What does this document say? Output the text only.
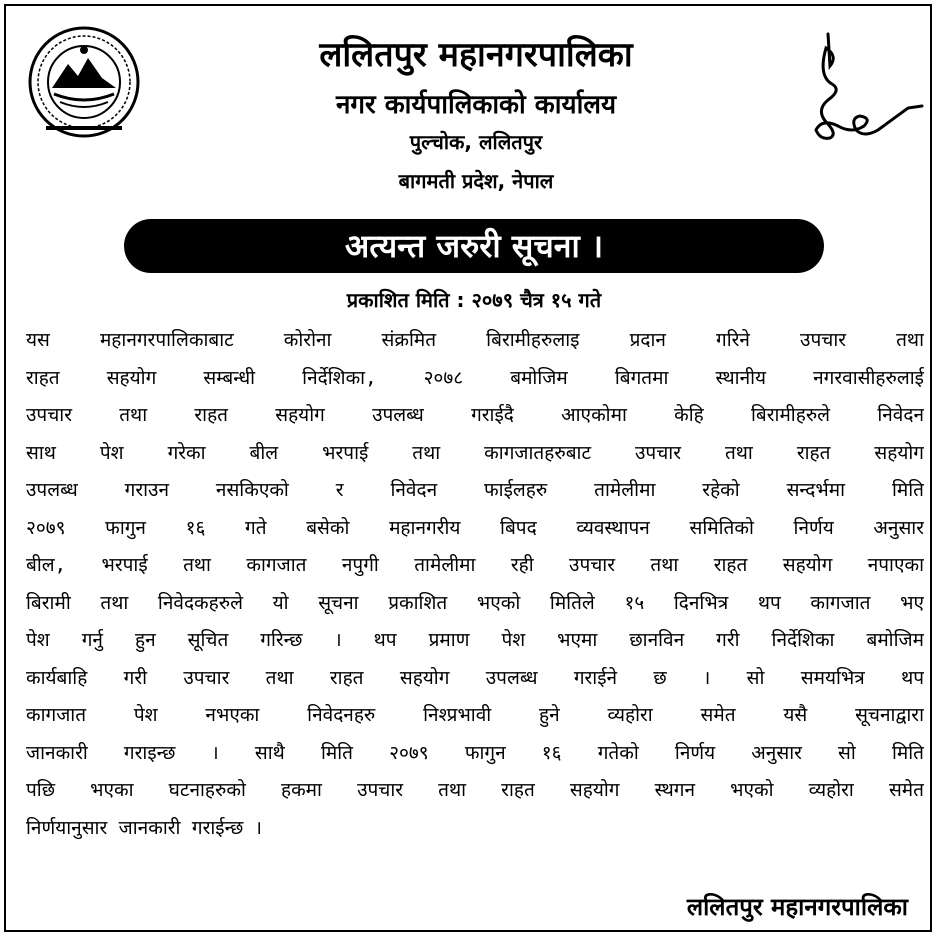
ललितपुर महानगरपालिका
नगर कार्यपालिकाको कार्यालय
पुल्चोक, ललितपुर
बागमती प्रदेश, नेपाल
अत्यन्त जरुरी सूचना ।
प्रकाशित मिति : २०७९ चैत्र १५ गते
यस महानगरपालिकाबाट कोरोना संक्रमित बिरामीहरुलाइ प्रदान गरिने उपचार तथा
राहत सहयोग सम्बन्धी निर्देशिका, २०७८ बमोजिम बिगतमा स्थानीय नगरवासीहरुलाई
उपचार तथा राहत सहयोग उपलब्ध गराईदै आएकोमा केहि बिरामीहरुले निवेदन
साथ पेश गरेका बील भरपाई तथा कागजातहरुबाट उपचार तथा राहत सहयोग
उपलब्ध गराउन नसकिएको र निवेदन फाईलहरु तामेलीमा रहेको सन्दर्भमा मिति
२०७९ फागुन १६ गते बसेको महानगरीय बिपद व्यवस्थापन समितिको निर्णय अनुसार
बील, भरपाई तथा कागजात नपुगी तामेलीमा रही उपचार तथा राहत सहयोग नपाएका
बिरामी तथा निवेदकहरुले यो सूचना प्रकाशित भएको मितिले १५ दिनभित्र थप कागजात भए
पेश गर्नु हुन सूचित गरिन्छ । थप प्रमाण पेश भएमा छानविन गरी निर्देशिका बमोजिम
कार्यबाहि गरी उपचार तथा राहत सहयोग उपलब्ध गराईने छ । सो समयभित्र थप
कागजात पेश नभएका निवेदनहरु निश्प्रभावी हुने व्यहोरा समेत यसै सूचनाद्वारा
जानकारी गराइन्छ । साथै मिति २०७९ फागुन १६ गतेको निर्णय अनुसार सो मिति
पछि भएका घटनाहरुको हकमा उपचार तथा राहत सहयोग स्थगन भएको व्यहोरा समेत
निर्णयानुसार जानकारी गराईन्छ ।
ललितपुर महानगरपालिका
